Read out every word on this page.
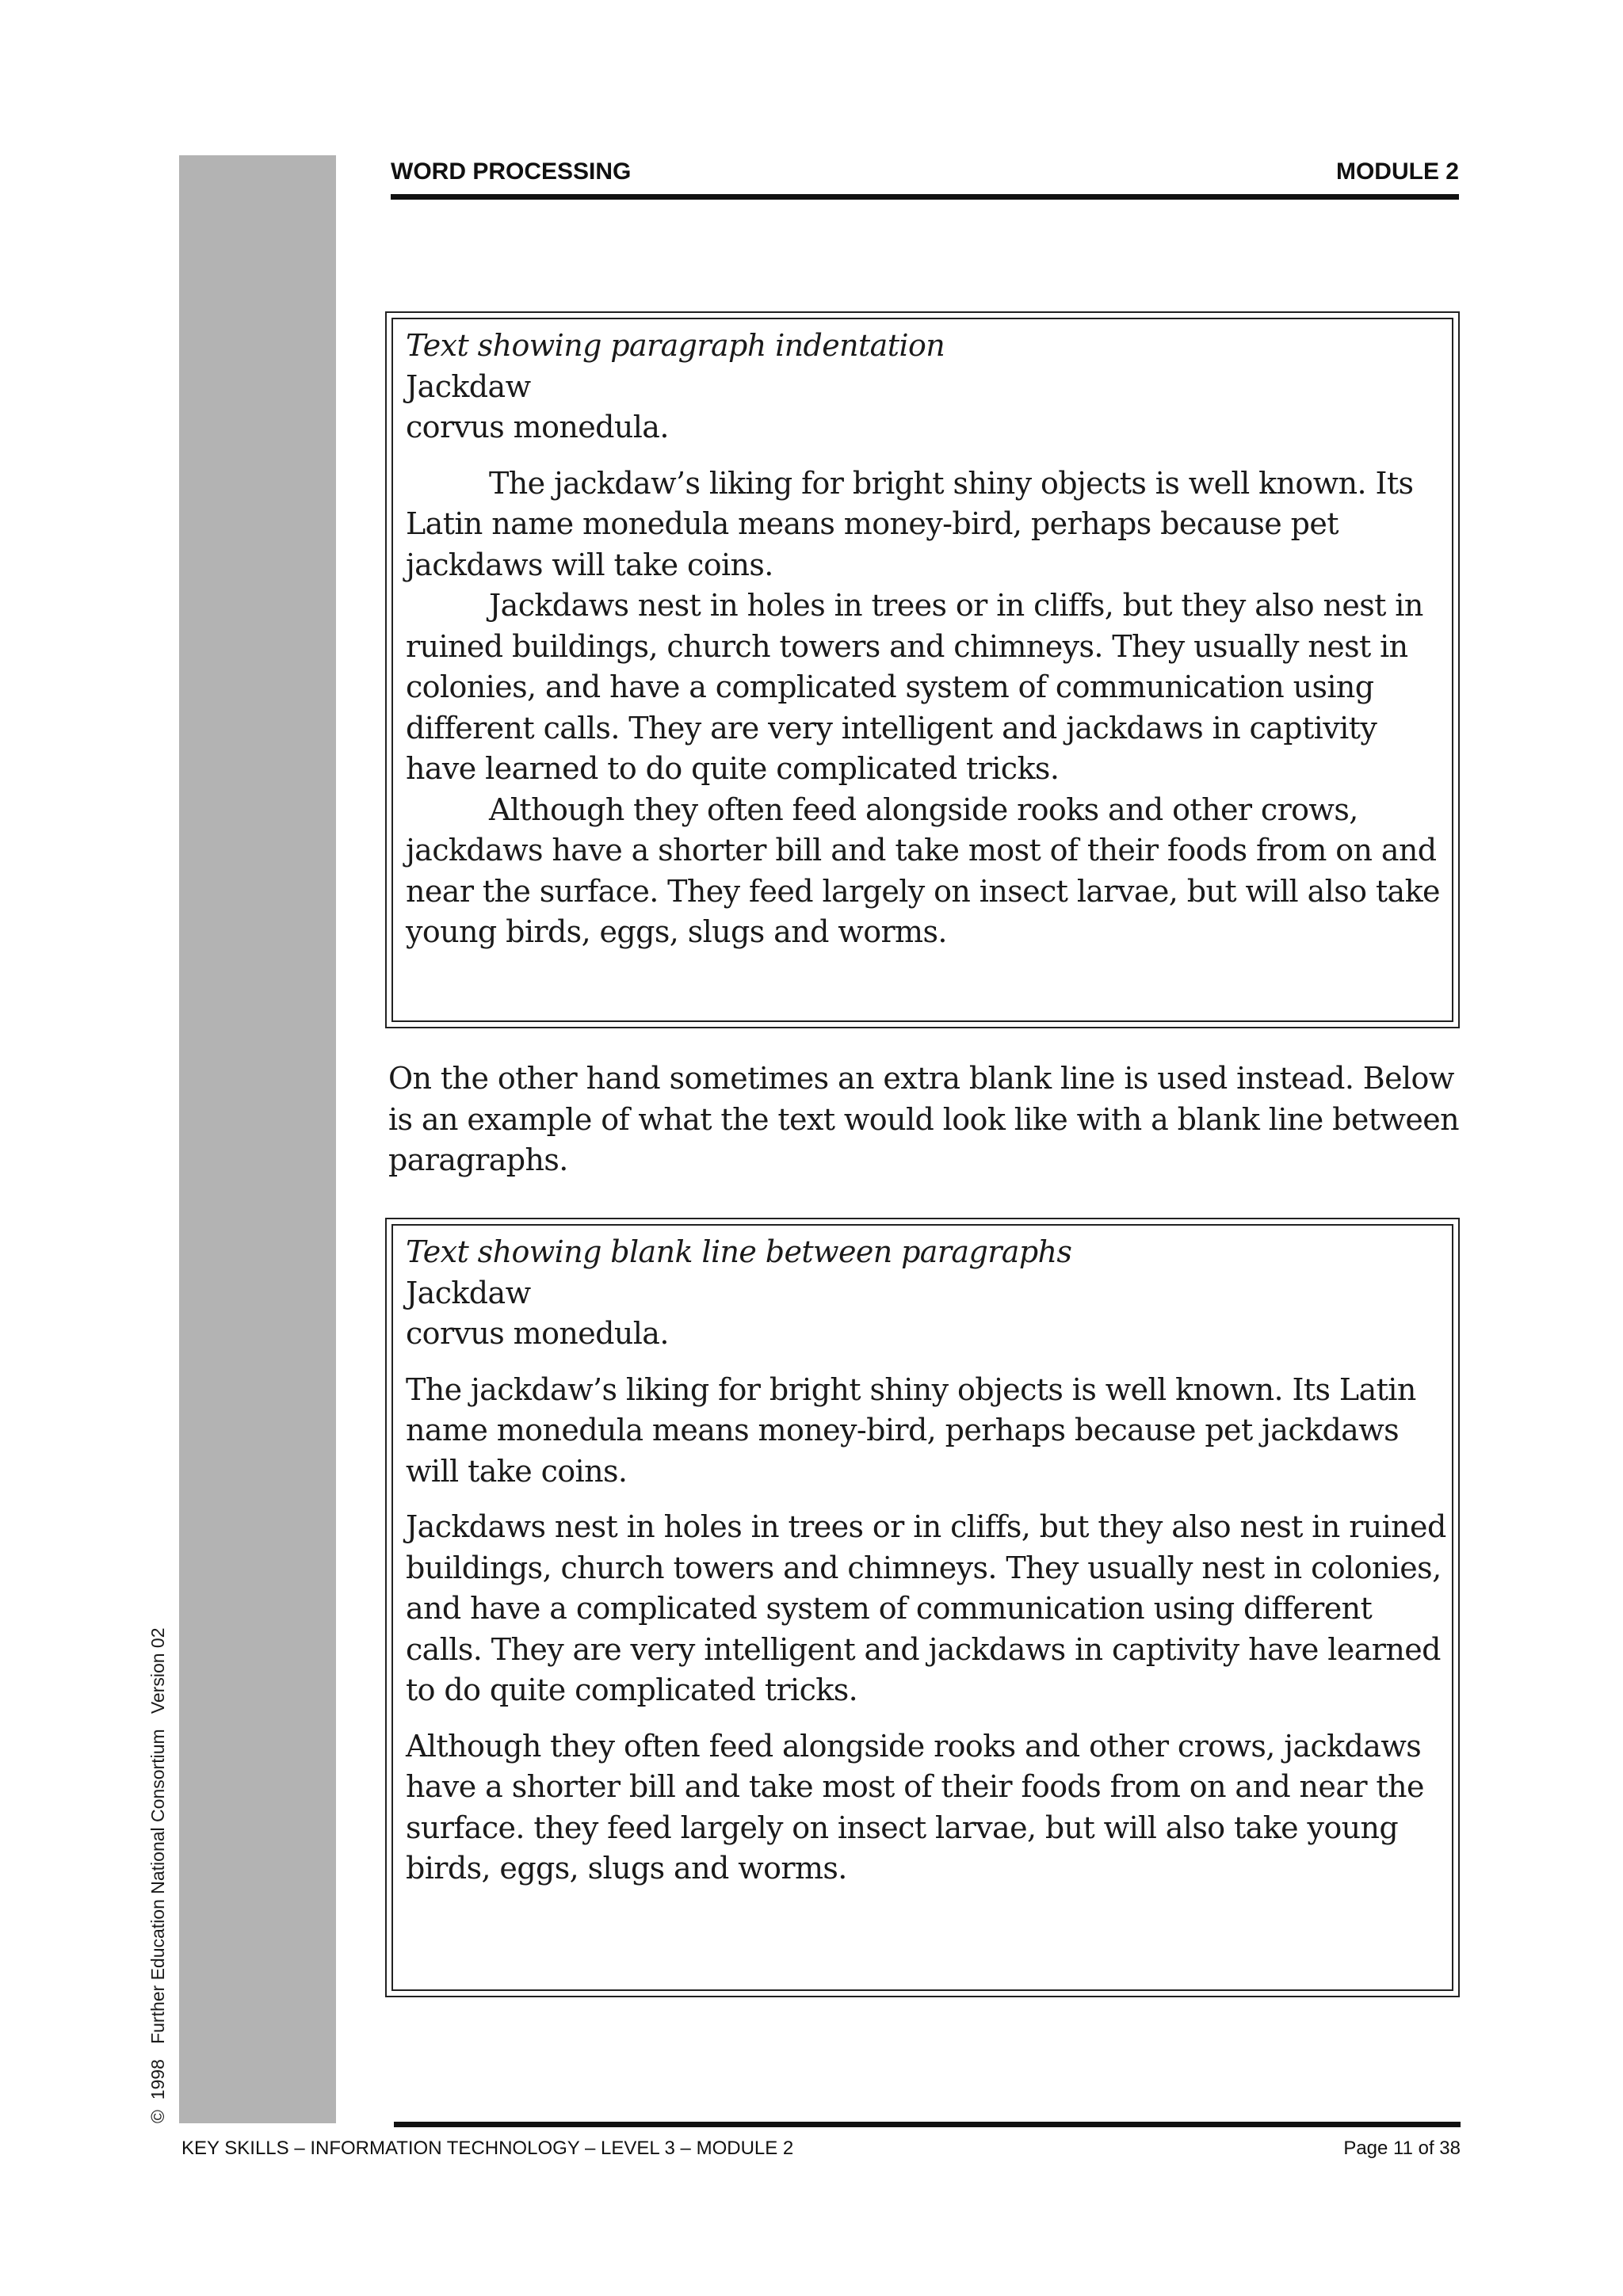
©  1998   Further Education National Consortium   Version 02
WORD PROCESSING	MODULE 2

Text showing paragraph indentation

Jackdaw

corvus monedula.

The jackdaw’s liking for bright shiny objects is well known. Its Latin name monedula means money-bird, perhaps because pet jackdaws will take coins.

Jackdaws nest in holes in trees or in cliffs, but they also nest in ruined buildings, church towers and chimneys. They usually nest in colonies, and have a complicated system of communication using different calls. They are very intelligent and jackdaws in captivity have learned to do quite complicated tricks.

Although they often feed alongside rooks and other crows, jackdaws have a shorter bill and take most of their foods from on and near the surface. They feed largely on insect larvae, but will also take young birds, eggs, slugs and worms.

On the other hand sometimes an extra blank line is used instead. Below is an example of what the text would look like with a blank line between paragraphs.

Text showing blank line between paragraphs

Jackdaw

corvus monedula.

The jackdaw’s liking for bright shiny objects is well known. Its Latin name monedula means money-bird, perhaps because pet jackdaws will take coins.

Jackdaws nest in holes in trees or in cliffs, but they also nest in ruined buildings, church towers and chimneys. They usually nest in colonies, and have a complicated system of communication using different calls. They are very intelligent and jackdaws in captivity have learned to do quite complicated tricks.

Although they often feed alongside rooks and other crows, jackdaws have a shorter bill and take most of their foods from on and near the surface. they feed largely on insect larvae, but will also take young birds, eggs, slugs and worms.

KEY SKILLS – INFORMATION TECHNOLOGY – LEVEL 3 – MODULE 2	Page 11 of 38
